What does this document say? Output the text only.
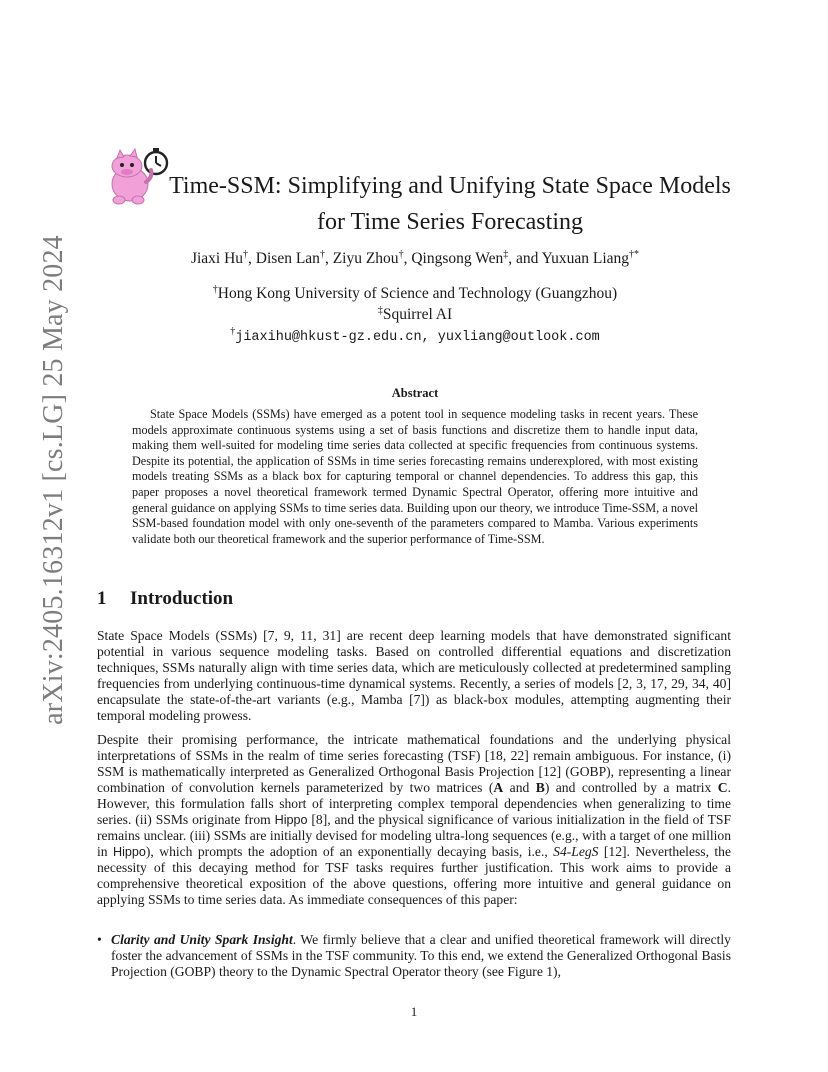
arXiv:2405.16312v1 [cs.LG] 25 May 2024
Time-SSM: Simplifying and Unifying State Space Models
for Time Series Forecasting
Jiaxi Hu†, Disen Lan†, Ziyu Zhou†, Qingsong Wen‡, and Yuxuan Liang†*
†Hong Kong University of Science and Technology (Guangzhou)
‡Squirrel AI
†jiaxihu@hkust-gz.edu.cn, yuxliang@outlook.com
Abstract

State Space Models (SSMs) have emerged as a potent tool in sequence modeling tasks in recent years. These models approximate continuous systems using a set of basis functions and discretize them to handle input data, making them well-suited for modeling time series data collected at specific frequencies from continuous systems. Despite its potential, the application of SSMs in time series forecasting remains underexplored, with most existing models treating SSMs as a black box for capturing temporal or channel dependencies. To address this gap, this paper proposes a novel theoretical framework termed Dynamic Spectral Operator, offering more intuitive and general guidance on applying SSMs to time series data. Building upon our theory, we introduce Time-SSM, a novel SSM-based foundation model with only one-seventh of the parameters compared to Mamba. Various experiments validate both our theoretical framework and the superior performance of Time-SSM.

1 Introduction

State Space Models (SSMs) [7, 9, 11, 31] are recent deep learning models that have demonstrated significant potential in various sequence modeling tasks. Based on controlled differential equations and discretization techniques, SSMs naturally align with time series data, which are meticulously collected at predetermined sampling frequencies from underlying continuous-time dynamical systems. Recently, a series of models [2, 3, 17, 29, 34, 40] encapsulate the state-of-the-art variants (e.g., Mamba [7]) as black-box modules, attempting augmenting their temporal modeling prowess.

Despite their promising performance, the intricate mathematical foundations and the underlying physical interpretations of SSMs in the realm of time series forecasting (TSF) [18, 22] remain ambiguous. For instance, (i) SSM is mathematically interpreted as Generalized Orthogonal Basis Projection [12] (GOBP), representing a linear combination of convolution kernels parameterized by two matrices (A and B) and controlled by a matrix C. However, this formulation falls short of interpreting complex temporal dependencies when generalizing to time series. (ii) SSMs originate from Hippo [8], and the physical significance of various initialization in the field of TSF remains unclear. (iii) SSMs are initially devised for modeling ultra-long sequences (e.g., with a target of one million in Hippo), which prompts the adoption of an exponentially decaying basis, i.e., S4-LegS [12]. Nevertheless, the necessity of this decaying method for TSF tasks requires further justification. This work aims to provide a comprehensive theoretical exposition of the above questions, offering more intuitive and general guidance on applying SSMs to time series data. As immediate consequences of this paper:

• Clarity and Unity Spark Insight. We firmly believe that a clear and unified theoretical framework will directly foster the advancement of SSMs in the TSF community. To this end, we extend the Generalized Orthogonal Basis Projection (GOBP) theory to the Dynamic Spectral Operator theory (see Figure 1),

1
